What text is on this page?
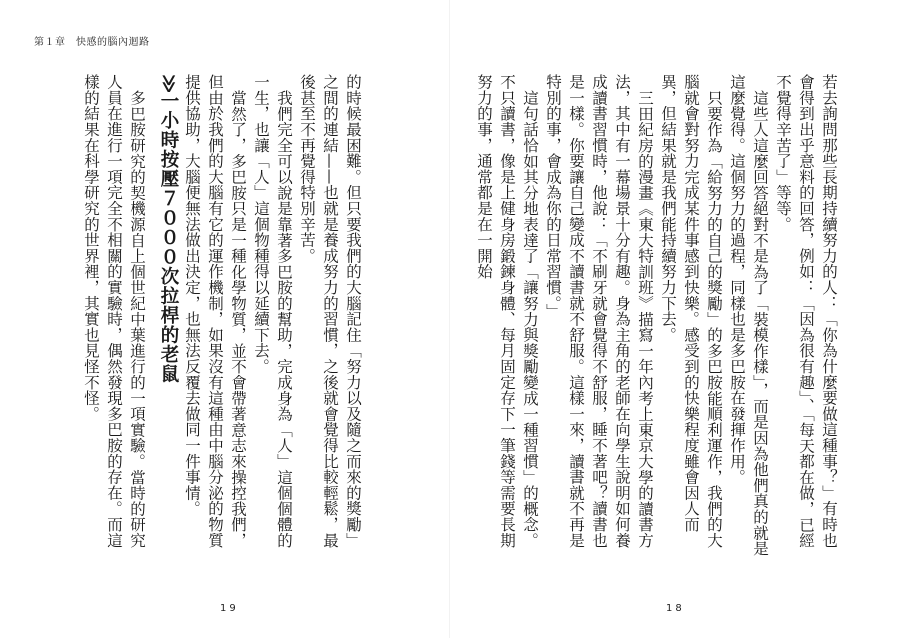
第１章　快感的腦內迴路

若去詢問那些長期持續努力的人：「你為什麼要做這種事？」有時也會得到出乎意料的回答，例如：「因為很有趣」、「每天都在做，已經不覺得辛苦了」等等。

這些人這麼回答絕對不是為了「裝模作樣」，而是因為他們真的就是這麼覺得。這個努力的過程，同樣也是多巴胺在發揮作用。

只要作為「給努力的自己的獎勵」的多巴胺能順利運作，我們的大腦就會對努力完成某件事感到快樂。感受到的快樂程度雖會因人而異，但結果就是我們能持續努力下去。

三田紀房的漫畫《東大特訓班》描寫一年內考上東京大學的讀書方法，其中有一幕場景十分有趣。身為主角的老師在向學生說明如何養成讀書習慣時，他說：「不刷牙就會覺得不舒服，睡不著吧？讀書也是一樣。你要讓自己變成不讀書就不舒服。這樣一來，讀書就不再是特別的事，會成為你的日常習慣。」

這句話恰如其分地表達了「讓努力與獎勵變成一種習慣」的概念。不只讀書，像是上健身房鍛鍊身體、每月固定存下一筆錢等需要長期努力的事，通常都是在一開始

的時候最困難。但只要我們的大腦記住「努力以及隨之而來的獎勵」之間的連結——也就是養成努力的習慣，之後就會覺得比較輕鬆，最後甚至不再覺得特別辛苦。

我們完全可以說是靠著多巴胺的幫助，完成身為「人」這個個體的一生，也讓「人」這個物種得以延續下去。

當然了，多巴胺只是一種化學物質，並不會帶著意志來操控我們，但由於我們的大腦有它的運作機制，如果沒有這種由中腦分泌的物質提供協助，大腦便無法做出決定，也無法反覆去做同一件事情。

≫一小時按壓７０００次拉桿的老鼠

多巴胺研究的契機源自上個世紀中葉進行的一項實驗。當時的研究人員在進行一項完全不相關的實驗時，偶然發現多巴胺的存在。而這樣的結果在科學研究的世界裡，其實也見怪不怪。

19	18
